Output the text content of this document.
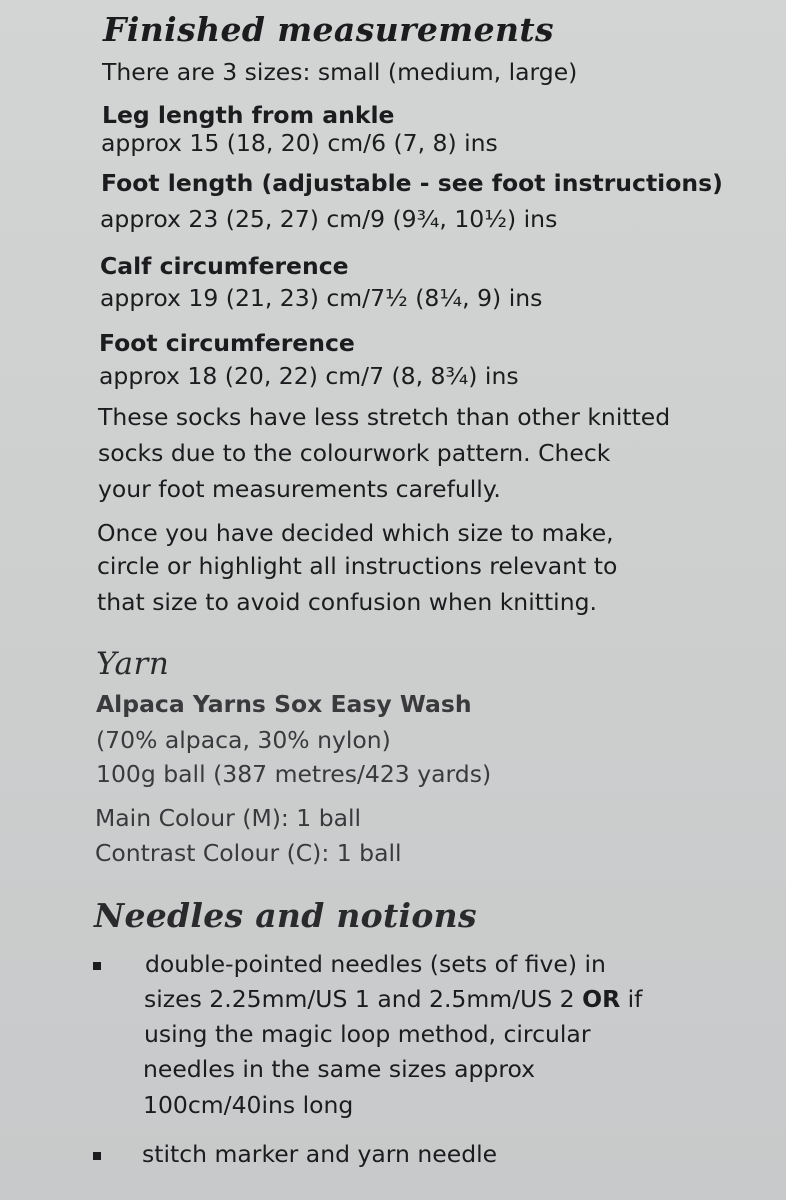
Finished measurements

There are 3 sizes: small (medium, large)

Leg length from ankle

approx 15 (18, 20) cm/6 (7, 8) ins

Foot length (adjustable - see foot instructions)

approx 23 (25, 27) cm/9 (9¾, 10½) ins

Calf circumference

approx 19 (21, 23) cm/7½ (8¼, 9) ins

Foot circumference

approx 18 (20, 22) cm/7 (8, 8¾) ins

These socks have less stretch than other knitted

socks due to the colourwork pattern. Check

your foot measurements carefully.

Once you have decided which size to make,

circle or highlight all instructions relevant to

that size to avoid confusion when knitting.

Yarn

Alpaca Yarns Sox Easy Wash

(70% alpaca, 30% nylon)

100g ball (387 metres/423 yards)

Main Colour (M): 1 ball

Contrast Colour (C): 1 ball

Needles and notions

double-pointed needles (sets of five) in

sizes 2.25mm/US 1 and 2.5mm/US 2 OR if

using the magic loop method, circular

needles in the same sizes approx

100cm/40ins long

stitch marker and yarn needle
